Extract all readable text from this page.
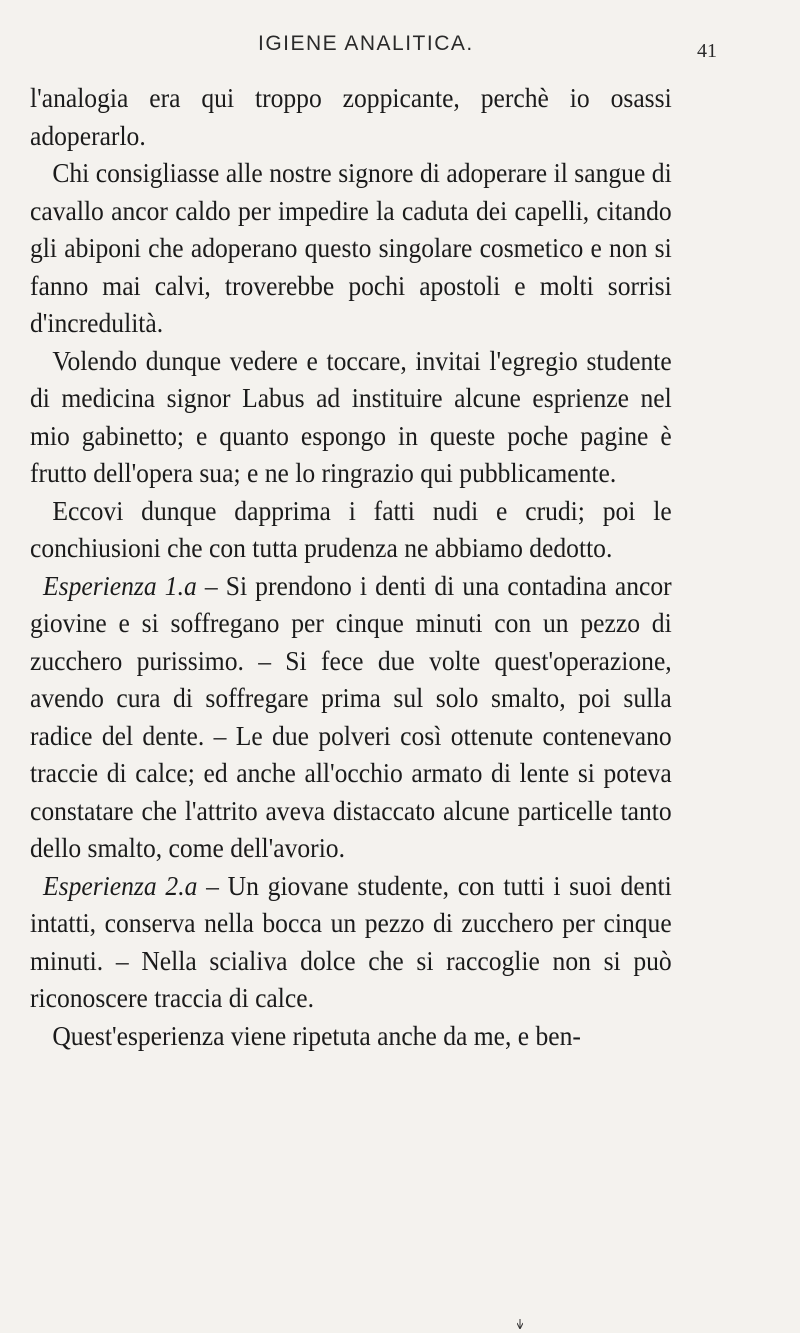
IGIENE ANALITICA.	41

l'analogia era qui troppo zoppicante, perchè io osassi adoperarlo.

Chi consigliasse alle nostre signore di adoperare il sangue di cavallo ancor caldo per impedire la caduta dei capelli, citando gli abiponi che adoperano questo singolare cosmetico e non si fanno mai calvi, troverebbe pochi apostoli e molti sorrisi d'incredulità.

Volendo dunque vedere e toccare, invitai l'egregio studente di medicina signor Labus ad instituire alcune esprienze nel mio gabinetto; e quanto espongo in queste poche pagine è frutto dell'opera sua; e ne lo ringrazio qui pubblicamente.

Eccovi dunque dapprima i fatti nudi e crudi; poi le conchiusioni che con tutta prudenza ne abbiamo dedotto.

Esperienza 1.a – Si prendono i denti di una contadina ancor giovine e si soffregano per cinque minuti con un pezzo di zucchero purissimo. – Si fece due volte quest'operazione, avendo cura di soffregare prima sul solo smalto, poi sulla radice del dente. – Le due polveri così ottenute contenevano traccie di calce; ed anche all'occhio armato di lente si poteva constatare che l'attrito aveva distaccato alcune particelle tanto dello smalto, come dell'avorio.

Esperienza 2.a – Un giovane studente, con tutti i suoi denti intatti, conserva nella bocca un pezzo di zucchero per cinque minuti. – Nella scialiva dolce che si raccoglie non si può riconoscere traccia di calce.

Quest'esperienza viene ripetuta anche da me, e ben-
